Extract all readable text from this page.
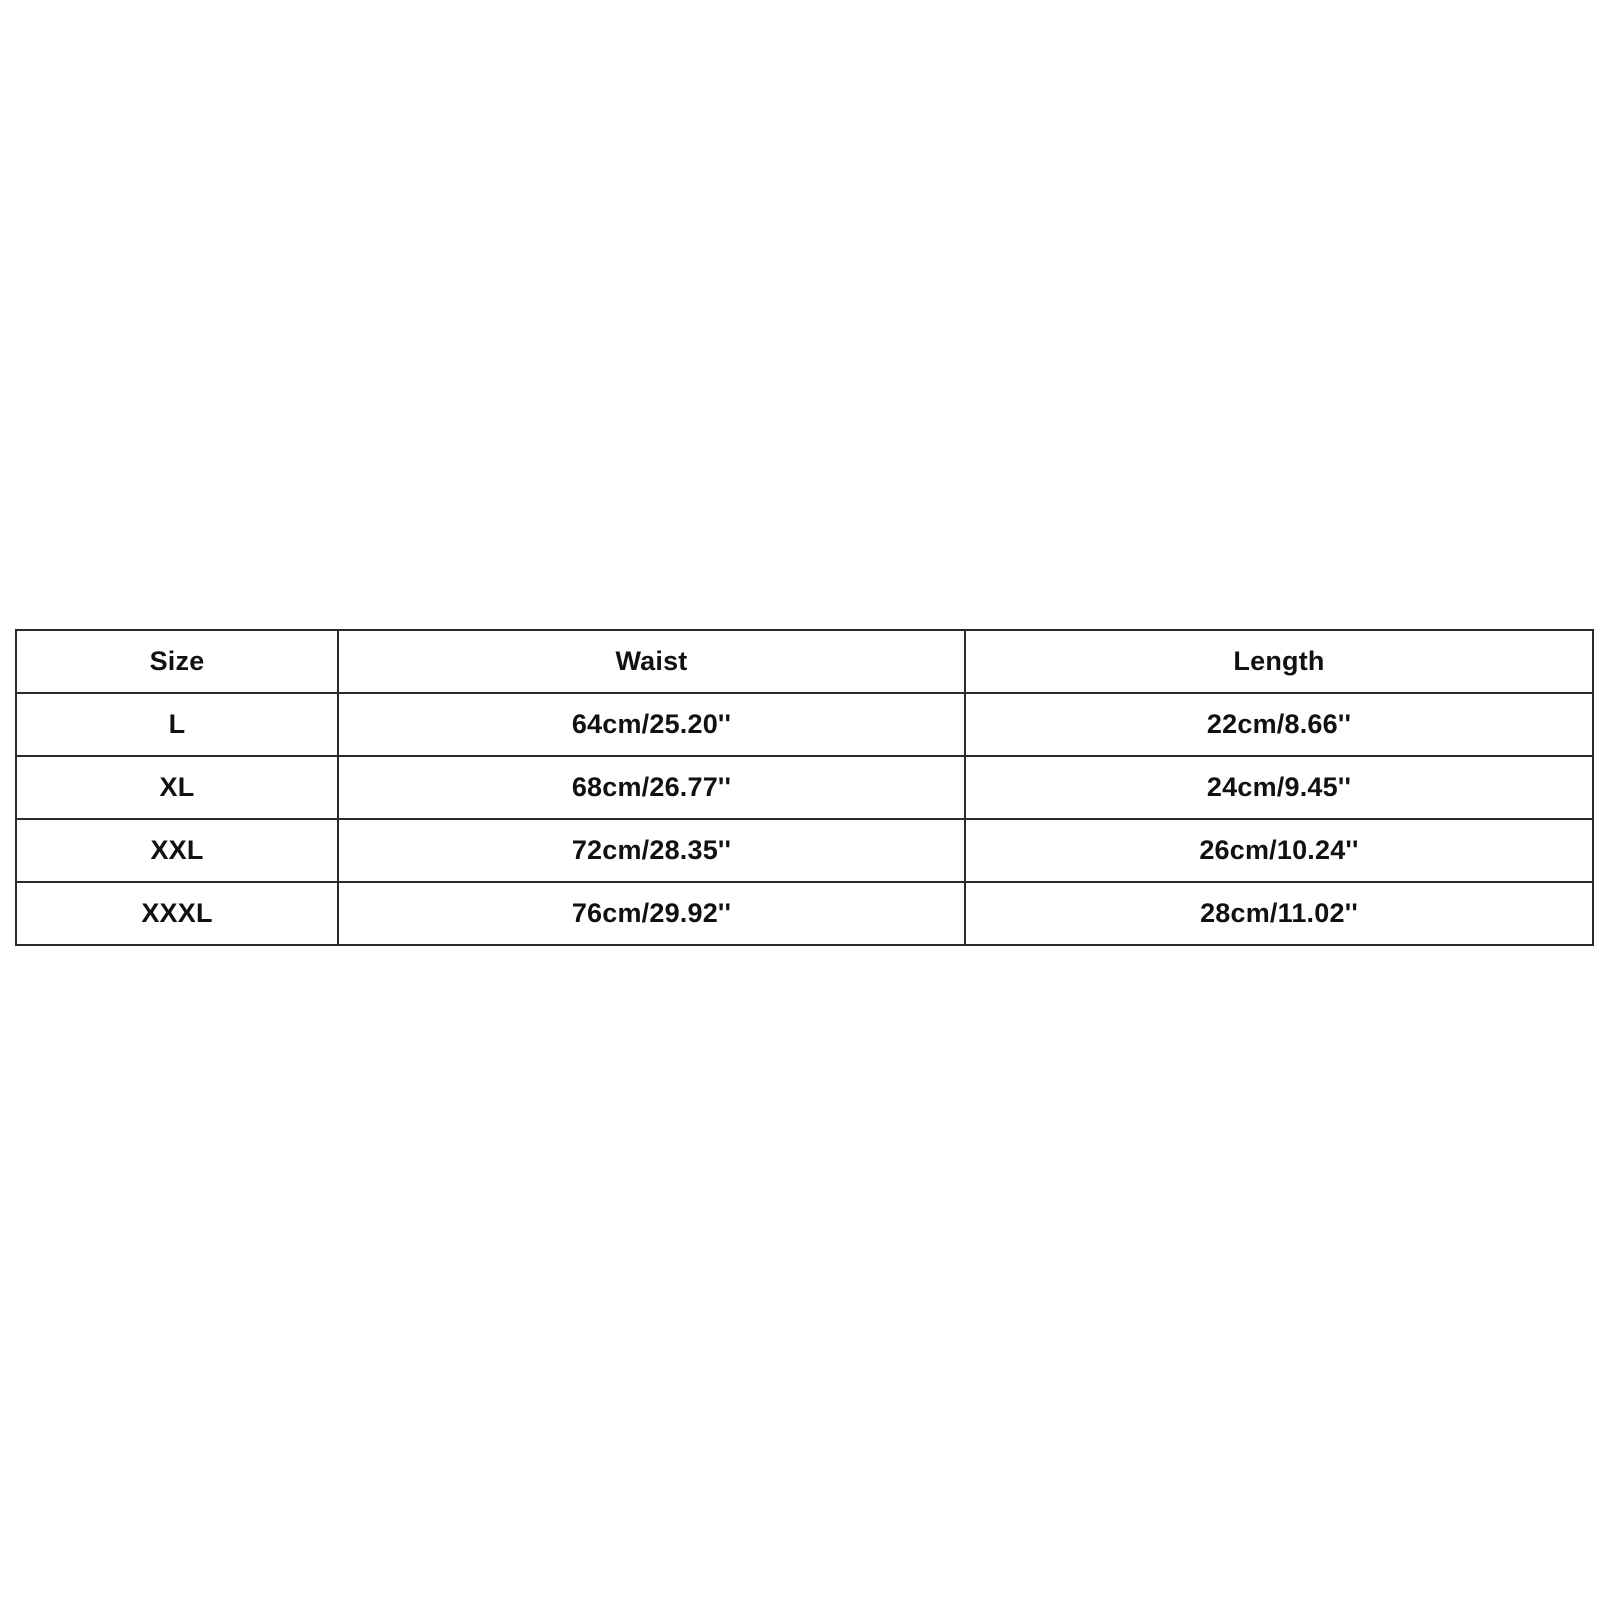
Size	Waist	Length
L	64cm/25.20''	22cm/8.66''
XL	68cm/26.77''	24cm/9.45''
XXL	72cm/28.35''	26cm/10.24''
XXXL	76cm/29.92''	28cm/11.02''
